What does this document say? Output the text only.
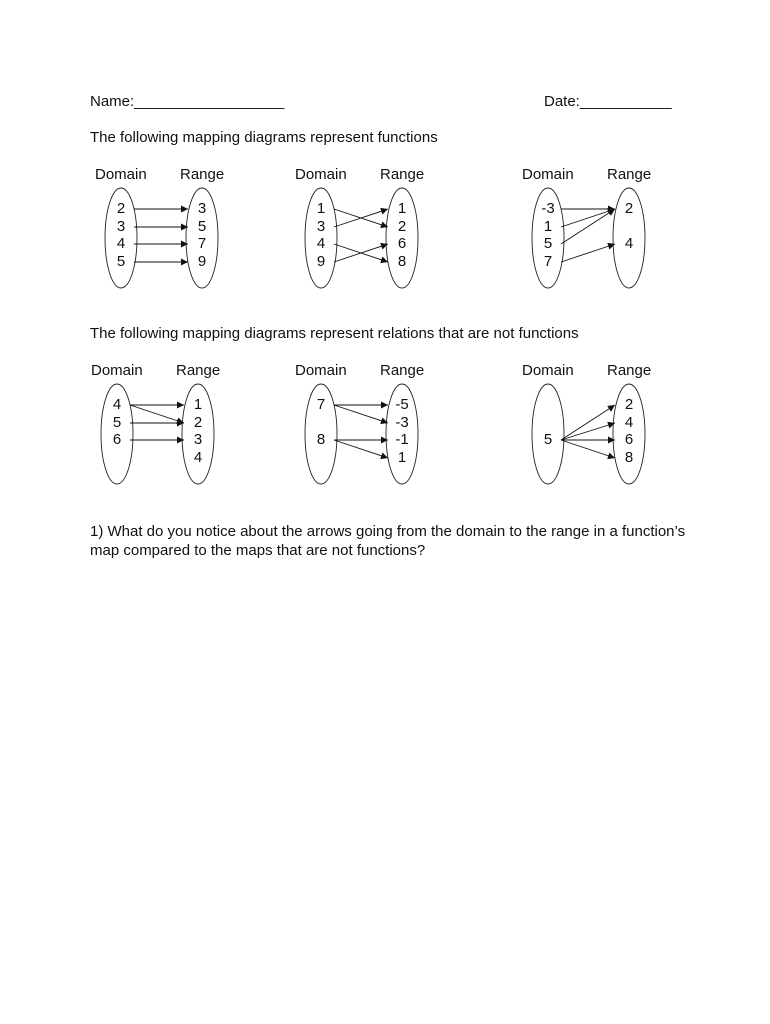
Name:__________________	Date:___________
The following mapping diagrams represent functions
Domain Range
2
3
4
5
3
5
7
9
Domain Range
1
3
4
9
1
2
6
8
Domain Range
-3
1
5
7
2
4
The following mapping diagrams represent relations that are not functions
Domain Range
4
5
6
1
2
3
4
Domain Range
7
8
-5
-3
-1
1
Domain Range
5
2
4
6
8
1) What do you notice about the arrows going from the domain to the range in a function’s map compared to the maps that are not functions?
